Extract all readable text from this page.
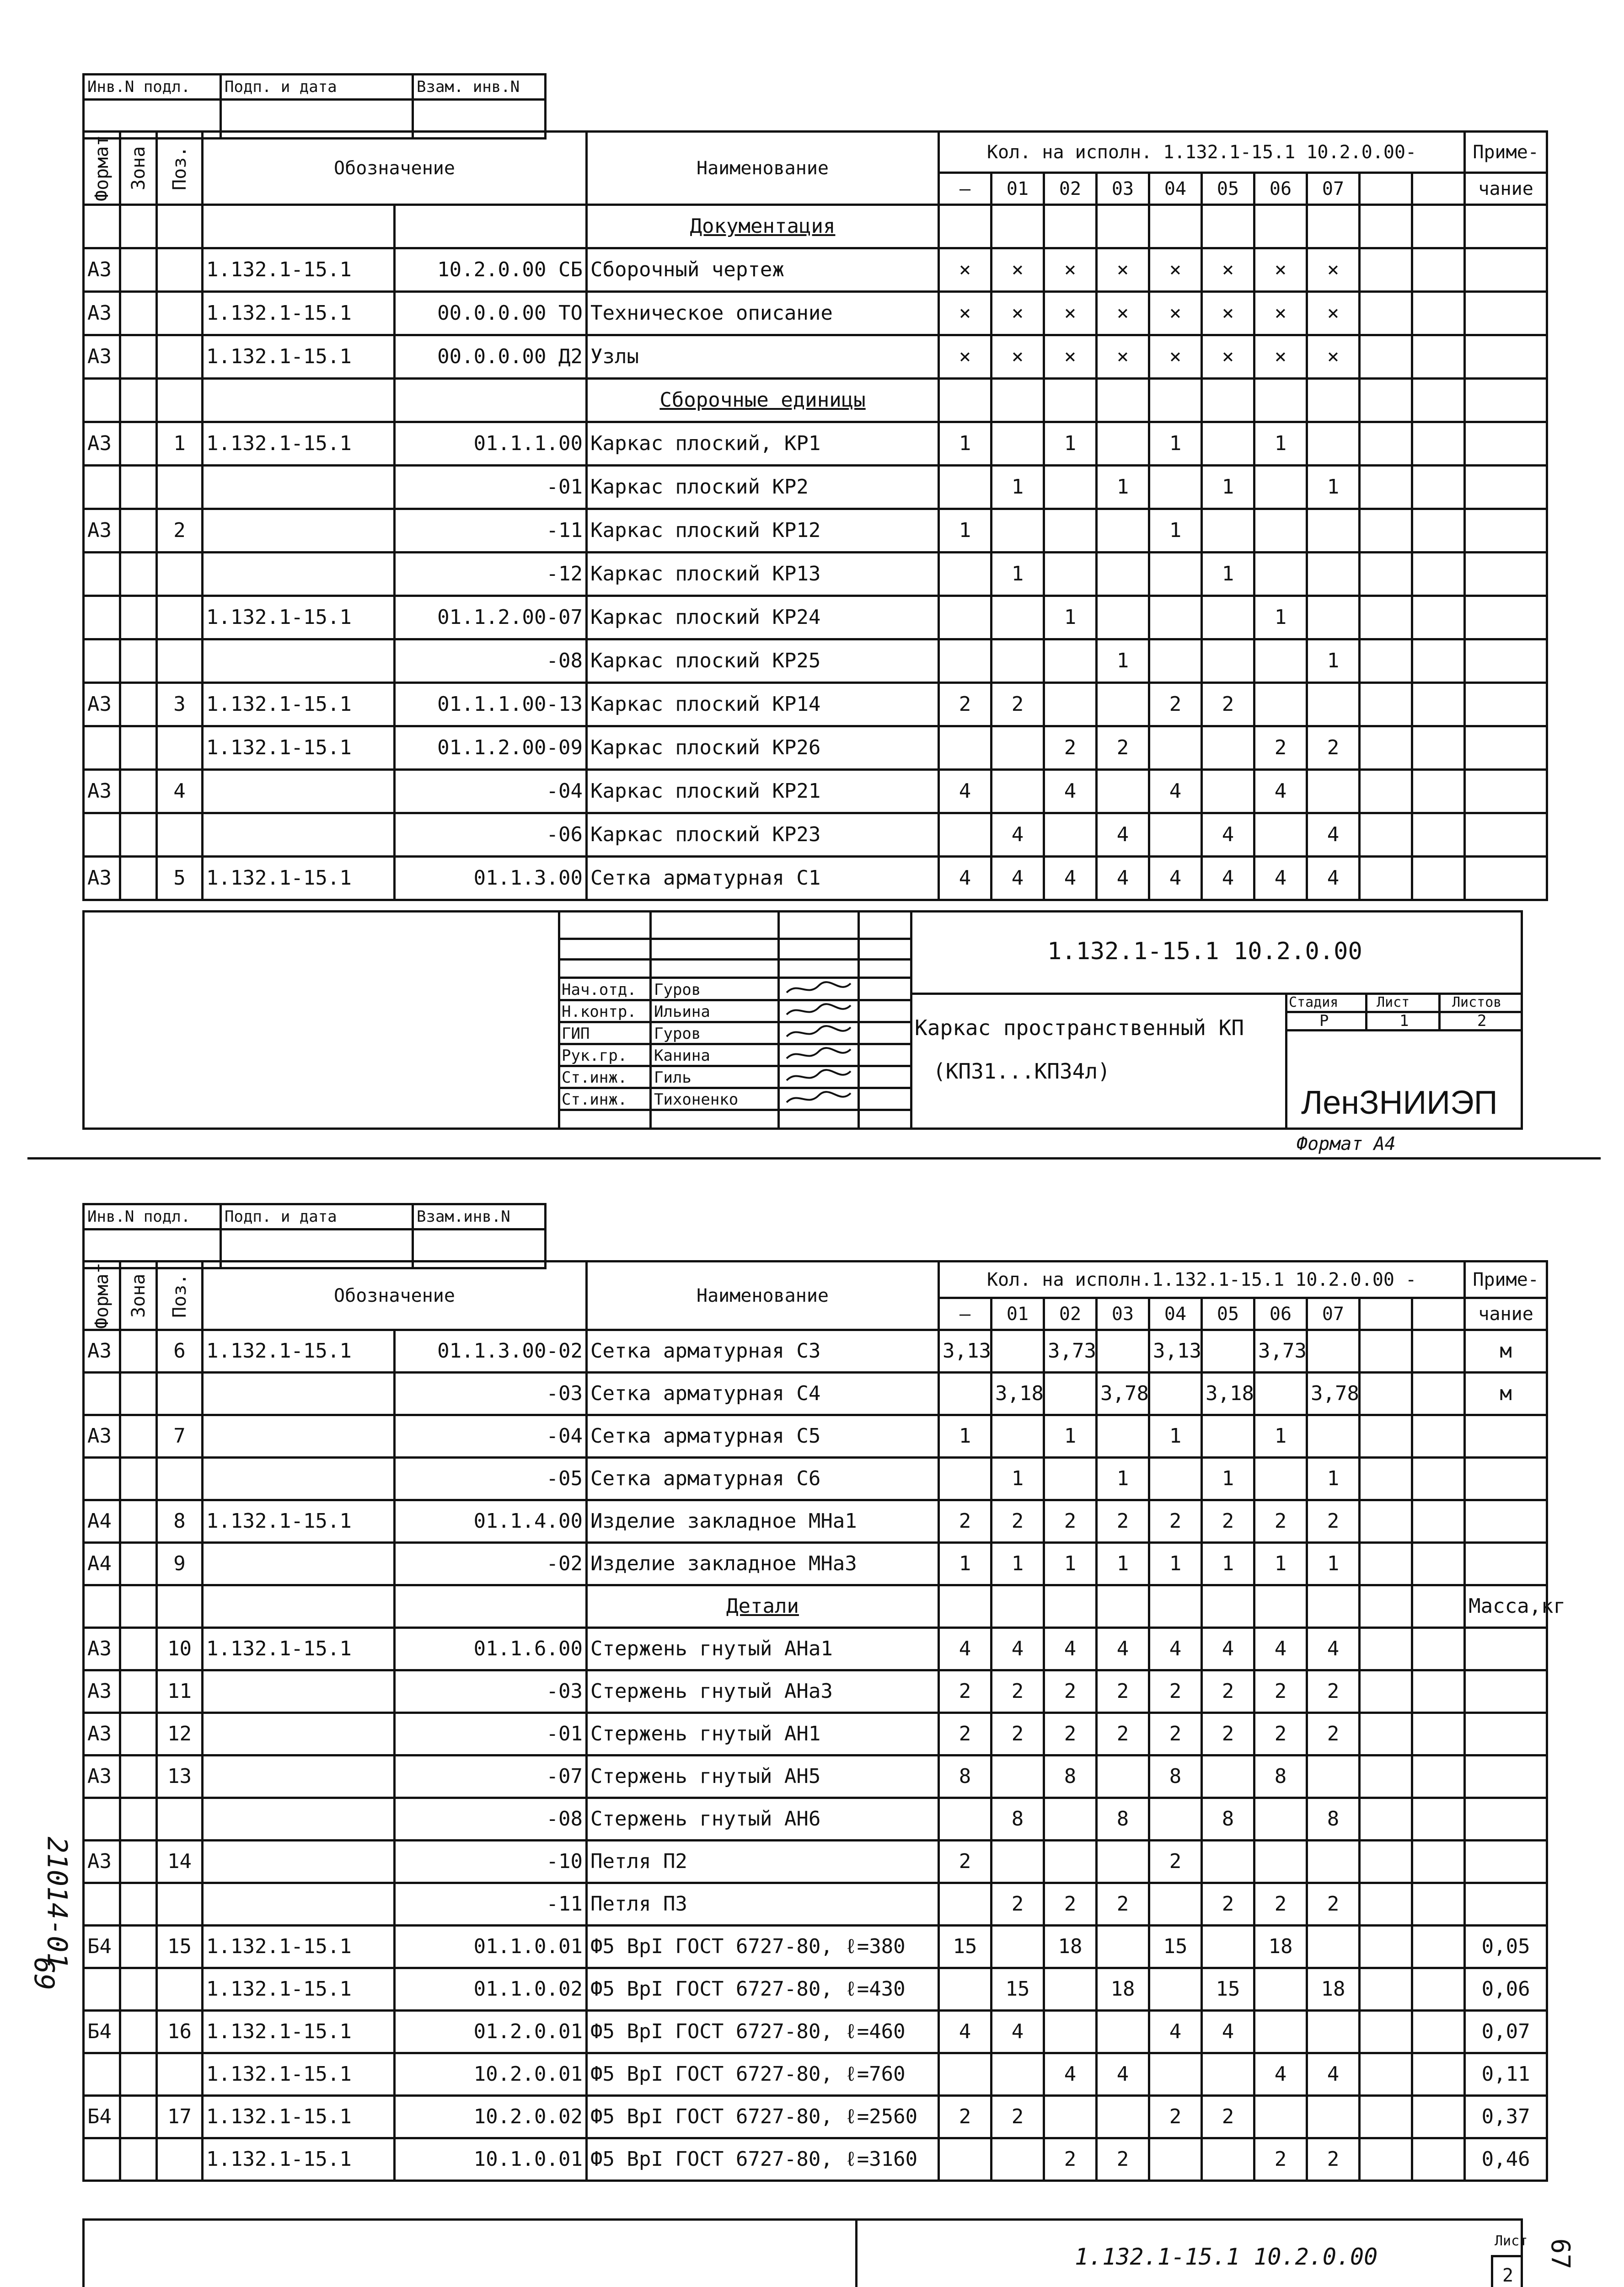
Инв.N подл.	Подп. и дата	Взам. инв.N

Формат	Зона	Поз.	Обозначение		Наименование	Кол. на исполн. 1.132.1-15.1 10.2.0.00-										Приме-
						—	01	02	03	04	05	06	07			чание
					Документация											
А3			1.132.1-15.1	10.2.0.00 СБ	Сборочный чертеж	×	×	×	×	×	×	×	×			
А3			1.132.1-15.1	00.0.0.00 ТО	Техническое описание	×	×	×	×	×	×	×	×			
А3			1.132.1-15.1	00.0.0.00 Д2	Узлы	×	×	×	×	×	×	×	×			
					Сборочные единицы											
А3		1	1.132.1-15.1	01.1.1.00	Каркас плоский, КР1	1		1		1		1				
				-01	Каркас плоский КР2		1		1		1		1			
А3		2		-11	Каркас плоский КР12	1				1						
				-12	Каркас плоский КР13		1				1					
			1.132.1-15.1	01.1.2.00-07	Каркас плоский КР24			1				1				
				-08	Каркас плоский КР25				1				1			
А3		3	1.132.1-15.1	01.1.1.00-13	Каркас плоский КР14	2	2			2	2					
			1.132.1-15.1	01.1.2.00-09	Каркас плоский КР26			2	2			2	2			
А3		4		-04	Каркас плоский КР21	4		4		4		4				
				-06	Каркас плоский КР23		4		4		4		4			
А3		5	1.132.1-15.1	01.1.3.00	Сетка арматурная С1	4	4	4	4	4	4	4	4			
Нач.отд. Гуров
Н.контр. Ильина
ГИП	Гуров
Рук.гр. Канина
Ст.инж. Гиль
Ст.инж. Тихоненко
1.132.1-15.1 10.2.0.00
Каркас пространственный КП
(КП31...КП34л)
Стадия	Лист	Листов
Р	1	2
ЛенЗНИИЭП
Формат А4
Инв.N подл.	Подп. и дата	Взам.инв.N

Формат	Зона	Поз.	Обозначение		Наименование	Кол. на исполн.1.132.1-15.1 10.2.0.00 -										Приме-
						—	01	02	03	04	05	06	07			чание
А3		6	1.132.1-15.1	01.1.3.00-02	Сетка арматурная С3	3,13		3,73		3,13		3,73				м
				-03	Сетка арматурная С4		3,18		3,78		3,18		3,78			м
А3		7		-04	Сетка арматурная С5	1		1		1		1				
				-05	Сетка арматурная С6		1		1		1		1			
А4		8	1.132.1-15.1	01.1.4.00	Изделие закладное МНа1	2	2	2	2	2	2	2	2			
А4		9		-02	Изделие закладное МНа3	1	1	1	1	1	1	1	1			
					Детали											Масса,кг
А3		10	1.132.1-15.1	01.1.6.00	Стержень гнутый АНа1	4	4	4	4	4	4	4	4			
А3		11		-03	Стержень гнутый АНа3	2	2	2	2	2	2	2	2			
А3		12		-01	Стержень гнутый АН1	2	2	2	2	2	2	2	2			
А3		13		-07	Стержень гнутый АН5	8		8		8		8				
				-08	Стержень гнутый АН6		8		8		8		8			
А3		14		-10	Петля П2	2				2						
				-11	Петля П3		2	2	2		2	2	2			
Б4		15	1.132.1-15.1	01.1.0.01	Ф5 ВрI ГОСТ 6727-80, ℓ=380	15		18		15		18				0,05
			1.132.1-15.1	01.1.0.02	Ф5 ВрI ГОСТ 6727-80, ℓ=430		15		18		15		18			0,06
Б4		16	1.132.1-15.1	01.2.0.01	Ф5 ВрI ГОСТ 6727-80, ℓ=460	4	4			4	4					0,07
			1.132.1-15.1	10.2.0.01	Ф5 ВрI ГОСТ 6727-80, ℓ=760			4	4			4	4			0,11
Б4		17	1.132.1-15.1	10.2.0.02	Ф5 ВрI ГОСТ 6727-80, ℓ=2560	2	2			2	2					0,37
			1.132.1-15.1	10.1.0.01	Ф5 ВрI ГОСТ 6727-80, ℓ=3160			2	2			2	2			0,46
1.132.1-15.1 10.2.0.00
Лист
2
67
21014-01
69
